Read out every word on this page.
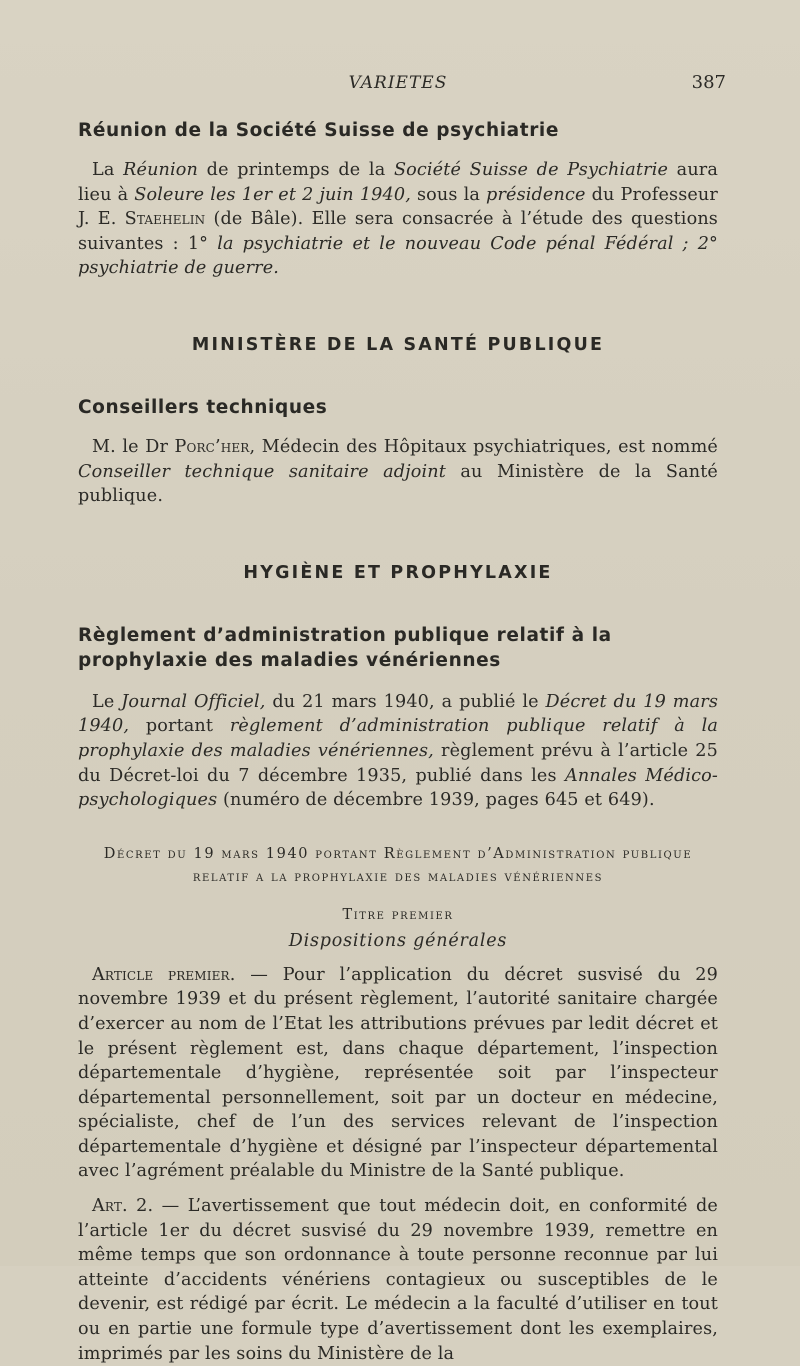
VARIETES	387
Réunion de la Société Suisse de psychiatrie

La Réunion de printemps de la Société Suisse de Psychiatrie aura lieu à Soleure les 1er et 2 juin 1940, sous la présidence du Professeur J. E. Staehelin (de Bâle). Elle sera consacrée à l’étude des questions suivantes : 1° la psychiatrie et le nouveau Code pénal Fédéral ; 2° psychiatrie de guerre.

MINISTÈRE DE LA SANTÉ PUBLIQUE
Conseillers techniques

M. le Dr Porc’her, Médecin des Hôpitaux psychiatriques, est nommé Conseiller technique sanitaire adjoint au Ministère de la Santé publique.

HYGIÈNE ET PROPHYLAXIE
Règlement d’administration publique relatif à la prophylaxie des maladies vénériennes

Le Journal Officiel, du 21 mars 1940, a publié le Décret du 19 mars 1940, portant règlement d’administration publique relatif à la prophylaxie des maladies vénériennes, règlement prévu à l’article 25 du Décret-loi du 7 décembre 1935, publié dans les Annales Médico-psychologiques (numéro de décembre 1939, pages 645 et 649).

Décret du 19 mars 1940 portant Règlement d’Administration publique
relatif a la prophylaxie des maladies vénériennes
Titre premier
Dispositions générales

Article premier. — Pour l’application du décret susvisé du 29 novembre 1939 et du présent règlement, l’autorité sanitaire chargée d’exercer au nom de l’Etat les attributions prévues par ledit décret et le présent règlement est, dans chaque département, l’inspection départementale d’hygiène, représentée soit par l’inspecteur départemental personnellement, soit par un docteur en médecine, spécialiste, chef de l’un des services relevant de l’inspection départementale d’hygiène et désigné par l’inspecteur départemental avec l’agrément préalable du Ministre de la Santé publique.

Art. 2. — L’avertissement que tout médecin doit, en conformité de l’article 1er du décret susvisé du 29 novembre 1939, remettre en même temps que son ordonnance à toute personne reconnue par lui atteinte d’accidents vénériens contagieux ou susceptibles de le devenir, est rédigé par écrit. Le médecin a la faculté d’utiliser en tout ou en partie une formule type d’avertissement dont les exemplaires, imprimés par les soins du Ministère de la
